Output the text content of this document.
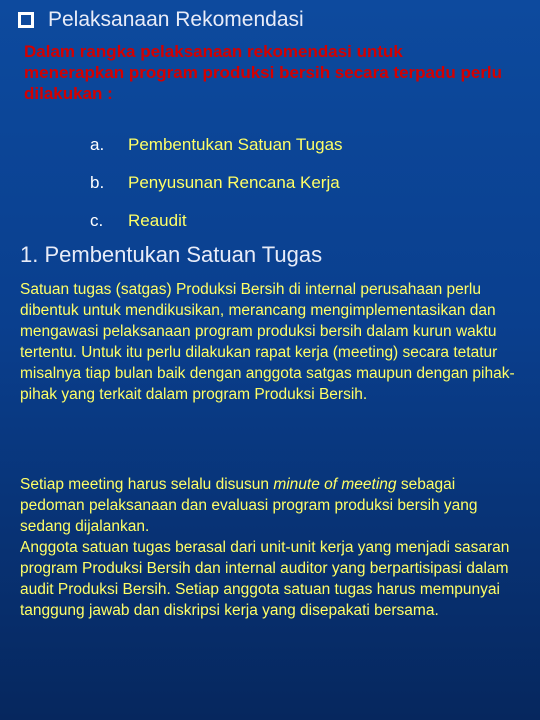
Pelaksanaan Rekomendasi
Dalam rangka pelaksanaan rekomendasi untuk menerapkan program produksi bersih secara terpadu perlu dilakukan :
a.	Pembentukan Satuan Tugas
b.	Penyusunan Rencana Kerja
c.	Reaudit
1. Pembentukan Satuan Tugas
Satuan tugas (satgas) Produksi Bersih di internal perusahaan perlu dibentuk untuk mendikusikan, merancang mengimplementasikan dan mengawasi pelaksanaan program produksi bersih dalam kurun waktu tertentu. Untuk itu perlu dilakukan rapat kerja (meeting) secara tetatur misalnya tiap bulan baik dengan anggota satgas maupun dengan pihak-pihak yang terkait dalam program Produksi Bersih.
Setiap meeting harus selalu disusun minute of meeting sebagai pedoman pelaksanaan dan evaluasi program produksi bersih yang sedang dijalankan.
Anggota satuan tugas berasal dari unit-unit kerja yang menjadi sasaran program Produksi Bersih dan internal auditor yang berpartisipasi dalam audit Produksi Bersih. Setiap anggota satuan tugas harus mempunyai tanggung jawab dan diskripsi kerja yang disepakati bersama.
